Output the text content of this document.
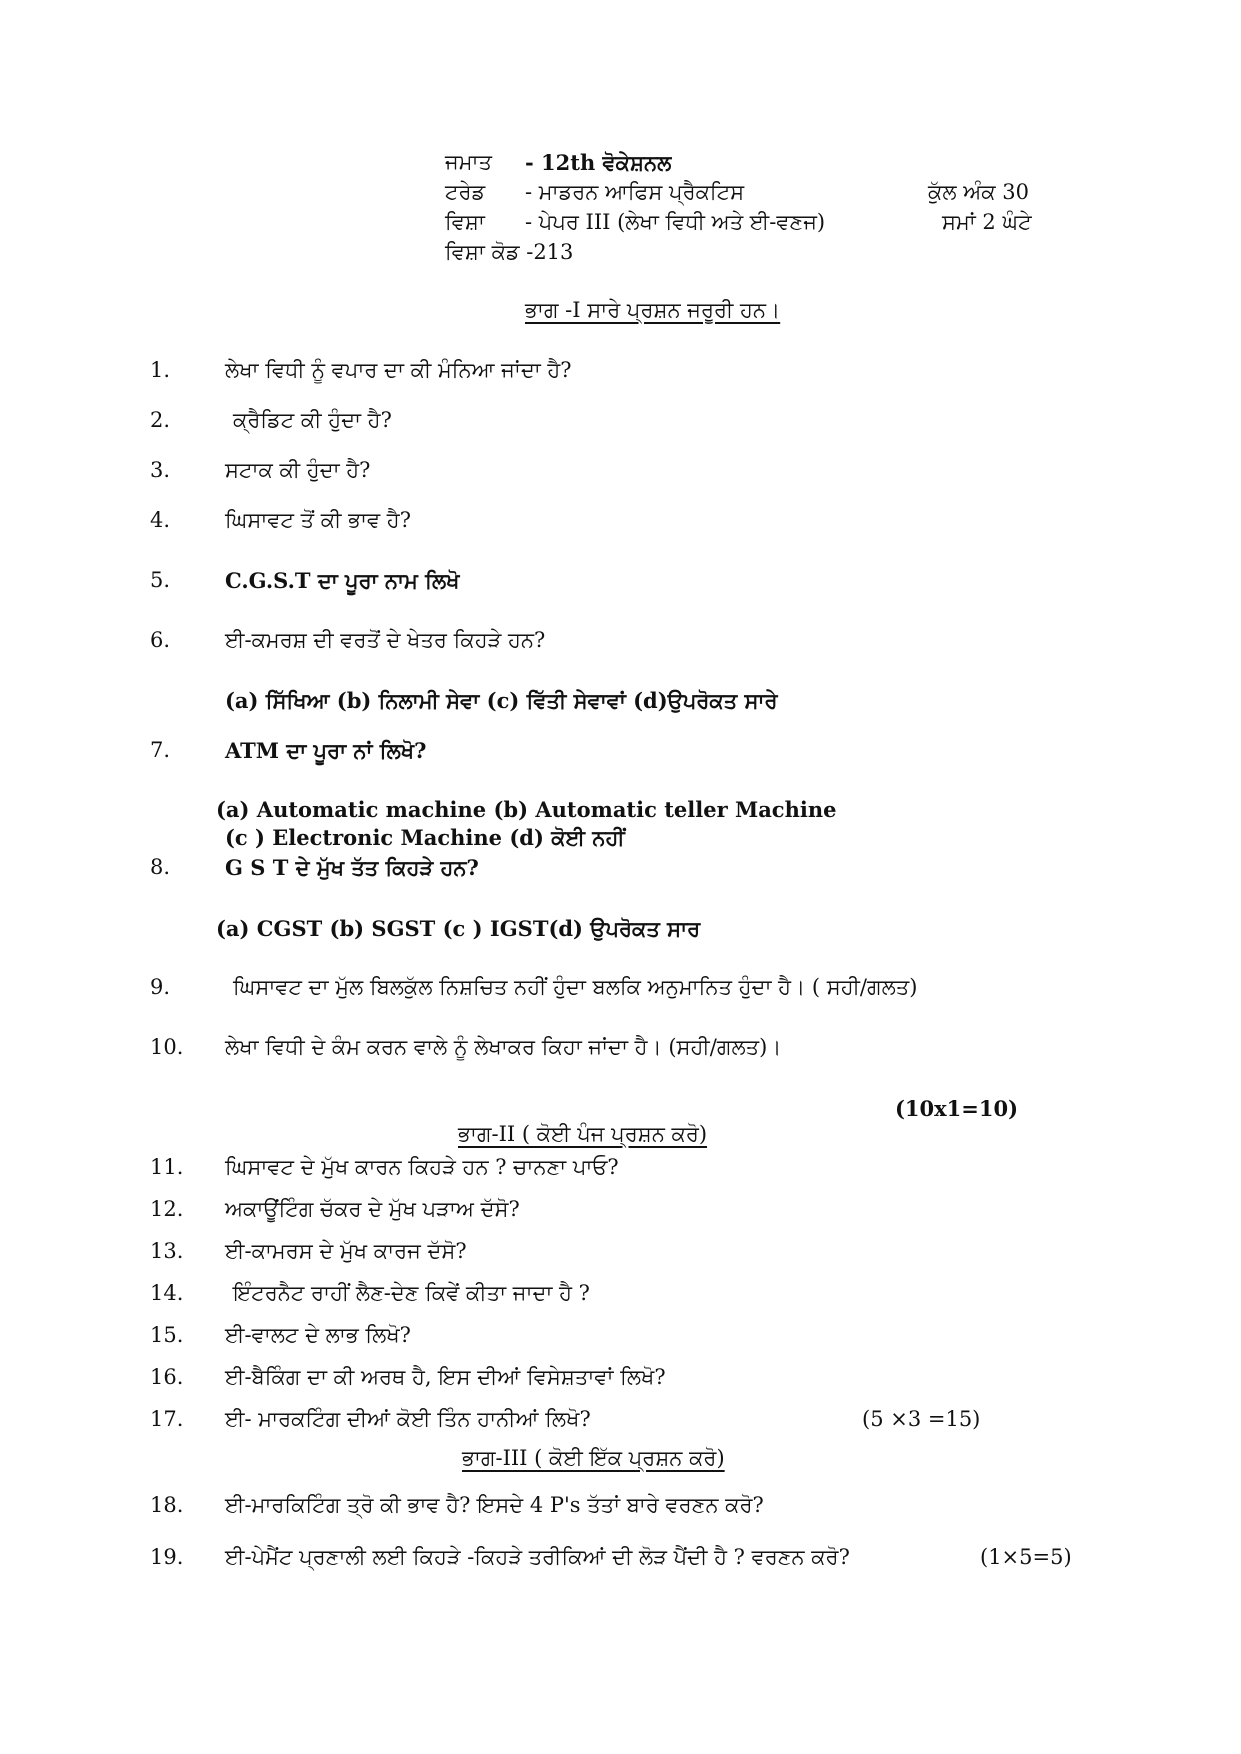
ਜਮਾਤ - 12th ਵੋਕੇਸ਼ਨਲ
ਟਰੇਡ - ਮਾਡਰਨ ਆਫਿਸ ਪ੍ਰੈਕਟਿਸ	ਕੁੱਲ ਅੰਕ 30
ਵਿਸ਼ਾ - ਪੇਪਰ III (ਲੇਖਾ ਵਿਧੀ ਅਤੇ ਈ-ਵਣਜ)	ਸਮਾਂ 2 ਘੰਟੇ
ਵਿਸ਼ਾ ਕੋਡ -213
ਭਾਗ -I ਸਾਰੇ ਪ੍ਰਸ਼ਨ ਜਰੂਰੀ ਹਨ।
1.	ਲੇਖਾ ਵਿਧੀ ਨੂੰ ਵਪਾਰ ਦਾ ਕੀ ਮੰਨਿਆ ਜਾਂਦਾ ਹੈ?
2.	ਕ੍ਰੈਡਿਟ ਕੀ ਹੁੰਦਾ ਹੈ?
3.	ਸਟਾਕ ਕੀ ਹੁੰਦਾ ਹੈ?
4.	ਘਿਸਾਵਟ ਤੋਂ ਕੀ ਭਾਵ ਹੈ?
5.	C.G.S.T ਦਾ ਪੂਰਾ ਨਾਮ ਲਿਖੋ
6.	ਈ-ਕਮਰਸ਼ ਦੀ ਵਰਤੋਂ ਦੇ ਖੇਤਰ ਕਿਹੜੇ ਹਨ?
(a) ਸਿੱਖਿਆ (b) ਨਿਲਾਮੀ ਸੇਵਾ (c) ਵਿੱਤੀ ਸੇਵਾਵਾਂ (d)ਉਪਰੋਕਤ ਸਾਰੇ
7.	ATM ਦਾ ਪੂਰਾ ਨਾਂ ਲਿਖੋ?
(a) Automatic machine (b) Automatic teller Machine
(c ) Electronic Machine (d) ਕੋਈ ਨਹੀਂ
8.	G S T ਦੇ ਮੁੱਖ ਤੱਤ ਕਿਹੜੇ ਹਨ?
(a) CGST (b) SGST (c ) IGST(d) ਉਪਰੋਕਤ ਸਾਰ
9.	ਘਿਸਾਵਟ ਦਾ ਮੁੱਲ ਬਿਲਕੁੱਲ ਨਿਸ਼ਚਿਤ ਨਹੀਂ ਹੁੰਦਾ ਬਲਕਿ ਅਨੁਮਾਨਿਤ ਹੁੰਦਾ ਹੈ। ( ਸਹੀ/ਗਲਤ)
10. ਲੇਖਾ ਵਿਧੀ ਦੇ ਕੰਮ ਕਰਨ ਵਾਲੇ ਨੂੰ ਲੇਖਾਕਰ ਕਿਹਾ ਜਾਂਦਾ ਹੈ। (ਸਹੀ/ਗਲਤ)।
(10x1=10)
ਭਾਗ-II ( ਕੋਈ ਪੰਜ ਪ੍ਰਸ਼ਨ ਕਰੋ)
11. ਘਿਸਾਵਟ ਦੇ ਮੁੱਖ ਕਾਰਨ ਕਿਹੜੇ ਹਨ ? ਚਾਨਣਾ ਪਾਓ?
12. ਅਕਾਊਂਟਿੰਗ ਚੱਕਰ ਦੇ ਮੁੱਖ ਪੜਾਅ ਦੱਸੋ?
13. ਈ-ਕਾਮਰਸ ਦੇ ਮੁੱਖ ਕਾਰਜ ਦੱਸੋ?
14. ਇੰਟਰਨੈਟ ਰਾਹੀਂ ਲੈਣ-ਦੇਣ ਕਿਵੇਂ ਕੀਤਾ ਜਾਦਾ ਹੈ ?
15. ਈ-ਵਾਲਟ ਦੇ ਲਾਭ ਲਿਖੋ?
16. ਈ-ਬੈਕਿੰਗ ਦਾ ਕੀ ਅਰਥ ਹੈ, ਇਸ ਦੀਆਂ ਵਿਸੇਸ਼ਤਾਵਾਂ ਲਿਖੋ?
17. ਈ- ਮਾਰਕਟਿੰਗ ਦੀਆਂ ਕੋਈ ਤਿੰਨ ਹਾਨੀਆਂ ਲਿਖੋ?	(5 ×3 =15)
ਭਾਗ-III ( ਕੋਈ ਇੱਕ ਪ੍ਰਸ਼ਨ ਕਰੋ)
18. ਈ-ਮਾਰਕਿਟਿੰਗ ਤ੍ਰੋ ਕੀ ਭਾਵ ਹੈ? ਇਸਦੇ 4 P's ਤੱਤਾਂ ਬਾਰੇ ਵਰਣਨ ਕਰੋ?
19. ਈ-ਪੇਮੈਂਟ ਪ੍ਰਣਾਲੀ ਲਈ ਕਿਹੜੇ -ਕਿਹੜੇ ਤਰੀਕਿਆਂ ਦੀ ਲੋੜ ਪੈਂਦੀ ਹੈ ? ਵਰਣਨ ਕਰੋ?	(1×5=5)
